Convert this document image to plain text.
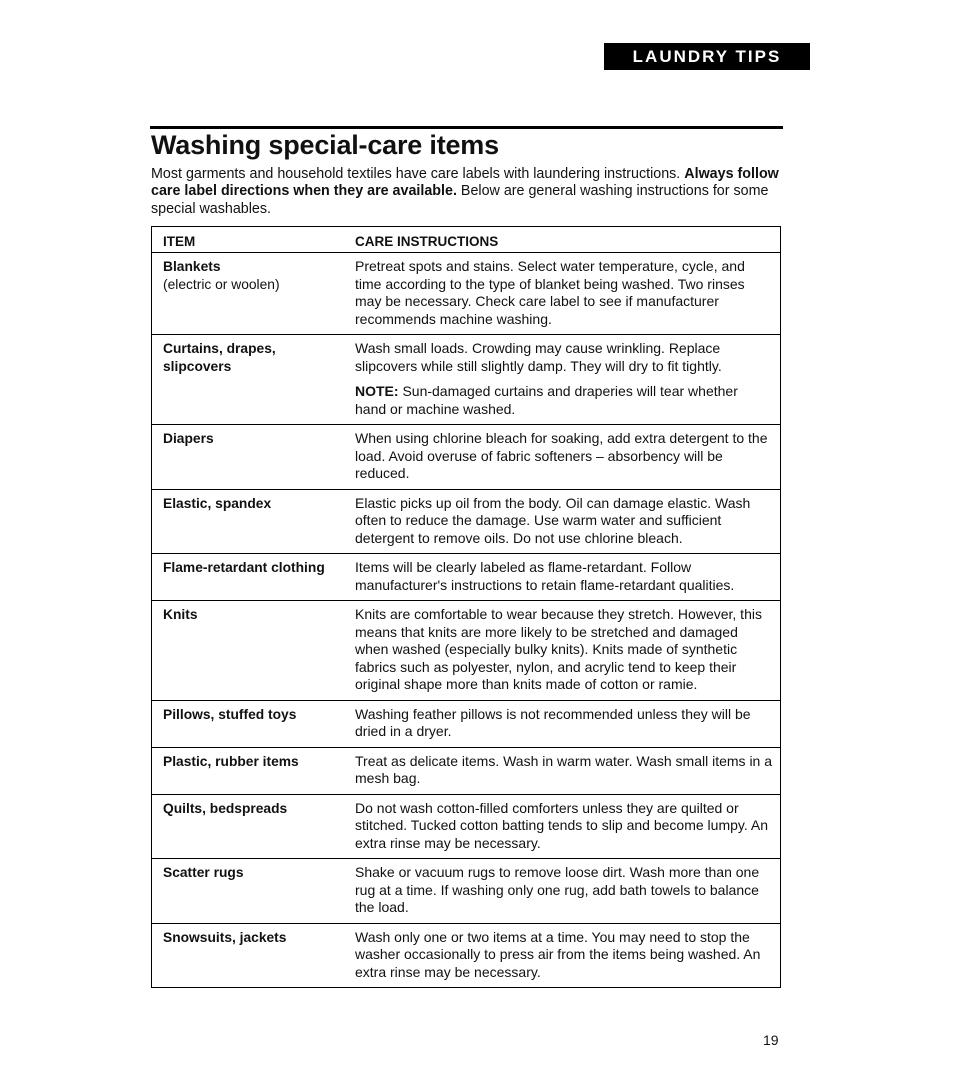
LAUNDRY TIPS
Washing special-care items

Most garments and household textiles have care labels with laundering instructions. Always follow care label directions when they are available. Below are general washing instructions for some special washables.

ITEM	CARE INSTRUCTIONS

Blankets
(electric or woolen)	Pretreat spots and stains. Select water temperature, cycle, and time according to the type of blanket being washed. Two rinses may be necessary. Check care label to see if manufacturer recommends machine washing.

Curtains, drapes, slipcovers	Wash small loads. Crowding may cause wrinkling. Replace slipcovers while still slightly damp. They will dry to fit tightly.
NOTE: Sun-damaged curtains and draperies will tear whether hand or machine washed.

Diapers	When using chlorine bleach for soaking, add extra detergent to the load. Avoid overuse of fabric softeners – absorbency will be reduced.

Elastic, spandex	Elastic picks up oil from the body. Oil can damage elastic. Wash often to reduce the damage. Use warm water and sufficient detergent to remove oils. Do not use chlorine bleach.

Flame-retardant clothing	Items will be clearly labeled as flame-retardant. Follow manufacturer's instructions to retain flame-retardant qualities.

Knits	Knits are comfortable to wear because they stretch. However, this means that knits are more likely to be stretched and damaged when washed (especially bulky knits). Knits made of synthetic fabrics such as polyester, nylon, and acrylic tend to keep their original shape more than knits made of cotton or ramie.

Pillows, stuffed toys	Washing feather pillows is not recommended unless they will be dried in a dryer.

Plastic, rubber items	Treat as delicate items. Wash in warm water. Wash small items in a mesh bag.

Quilts, bedspreads	Do not wash cotton-filled comforters unless they are quilted or stitched. Tucked cotton batting tends to slip and become lumpy. An extra rinse may be necessary.

Scatter rugs	Shake or vacuum rugs to remove loose dirt. Wash more than one rug at a time. If washing only one rug, add bath towels to balance the load.

Snowsuits, jackets	Wash only one or two items at a time. You may need to stop the washer occasionally to press air from the items being washed. An extra rinse may be necessary.
19
